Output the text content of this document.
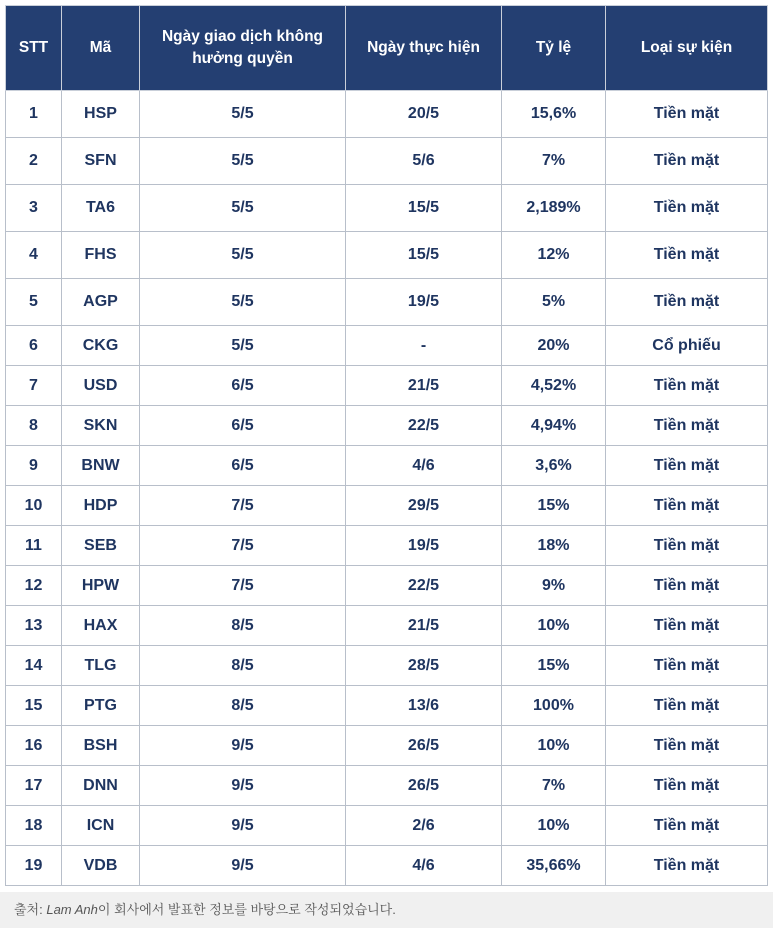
STT	Mã	Ngày giao dịch không hưởng quyền	Ngày thực hiện	Tỷ lệ	Loại sự kiện
1	HSP	5/5	20/5	15,6%	Tiền mặt
2	SFN	5/5	5/6	7%	Tiền mặt
3	TA6	5/5	15/5	2,189%	Tiền mặt
4	FHS	5/5	15/5	12%	Tiền mặt
5	AGP	5/5	19/5	5%	Tiền mặt
6	CKG	5/5	-	20%	Cổ phiếu
7	USD	6/5	21/5	4,52%	Tiền mặt
8	SKN	6/5	22/5	4,94%	Tiền mặt
9	BNW	6/5	4/6	3,6%	Tiền mặt
10	HDP	7/5	29/5	15%	Tiền mặt
11	SEB	7/5	19/5	18%	Tiền mặt
12	HPW	7/5	22/5	9%	Tiền mặt
13	HAX	8/5	21/5	10%	Tiền mặt
14	TLG	8/5	28/5	15%	Tiền mặt
15	PTG	8/5	13/6	100%	Tiền mặt
16	BSH	9/5	26/5	10%	Tiền mặt
17	DNN	9/5	26/5	7%	Tiền mặt
18	ICN	9/5	2/6	10%	Tiền mặt
19	VDB	9/5	4/6	35,66%	Tiền mặt
출처: Lam Anh이 회사에서 발표한 정보를 바탕으로 작성되었습니다.
